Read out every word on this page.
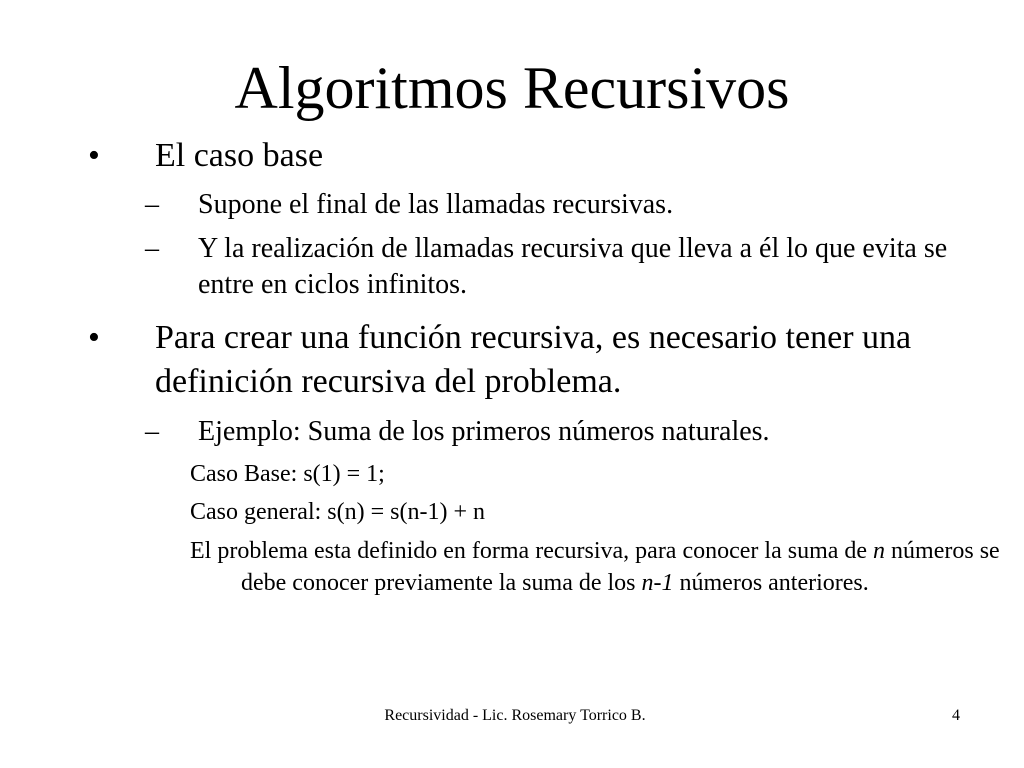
Algoritmos Recursivos
• El caso base
– Supone el final de las llamadas recursivas.
– Y la realización de llamadas recursiva que lleva a él lo que evita se entre en ciclos infinitos.
• Para crear una función recursiva, es necesario tener una definición recursiva del problema.
– Ejemplo: Suma de los primeros números naturales.
Caso Base: s(1) = 1;
Caso general: s(n) = s(n-1) + n
El problema esta definido en forma recursiva, para conocer la suma de n números se debe conocer previamente la suma de los n-1 números anteriores.
Recursividad - Lic. Rosemary Torrico B.	4
